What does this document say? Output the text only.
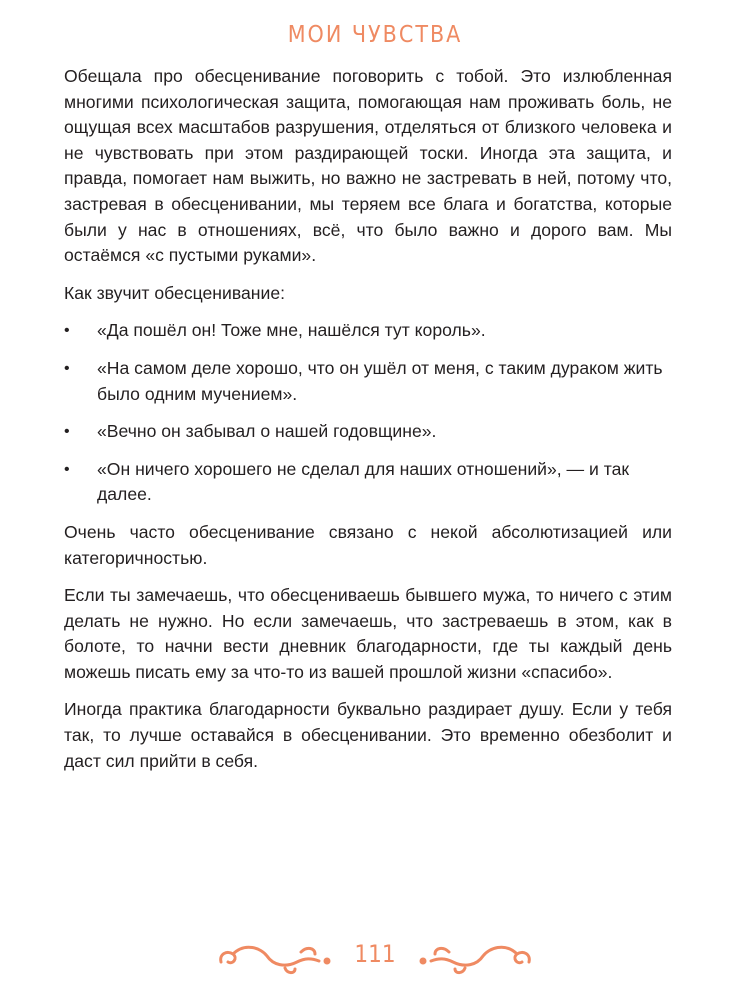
МОИ ЧУВСТВА

Обещала про обесценивание поговорить с тобой. Это излюбленная многими психологическая защита, помогающая нам проживать боль, не ощущая всех масштабов разрушения, отделяться от близкого человека и не чувствовать при этом раздирающей тоски. Иногда эта защита, и правда, помогает нам выжить, но важно не застревать в ней, потому что, застревая в обесценивании, мы теряем все блага и богатства, которые были у нас в отношениях, всё, что было важно и дорого вам. Мы остаёмся «с пустыми руками».

Как звучит обесценивание:

• «Да пошёл он! Тоже мне, нашёлся тут король».
• «На самом деле хорошо, что он ушёл от меня, с таким дураком жить было одним мучением».
• «Вечно он забывал о нашей годовщине».
• «Он ничего хорошего не сделал для наших отношений», — и так далее.

Очень часто обесценивание связано с некой абсолютизацией или категоричностью.

Если ты замечаешь, что обесцениваешь бывшего мужа, то ничего с этим делать не нужно. Но если замечаешь, что застреваешь в этом, как в болоте, то начни вести дневник благодарности, где ты каждый день можешь писать ему за что-то из вашей прошлой жизни «спасибо».

Иногда практика благодарности буквально раздирает душу. Если у тебя так, то лучше оставайся в обесценивании. Это временно обезболит и даст сил прийти в себя.

111
